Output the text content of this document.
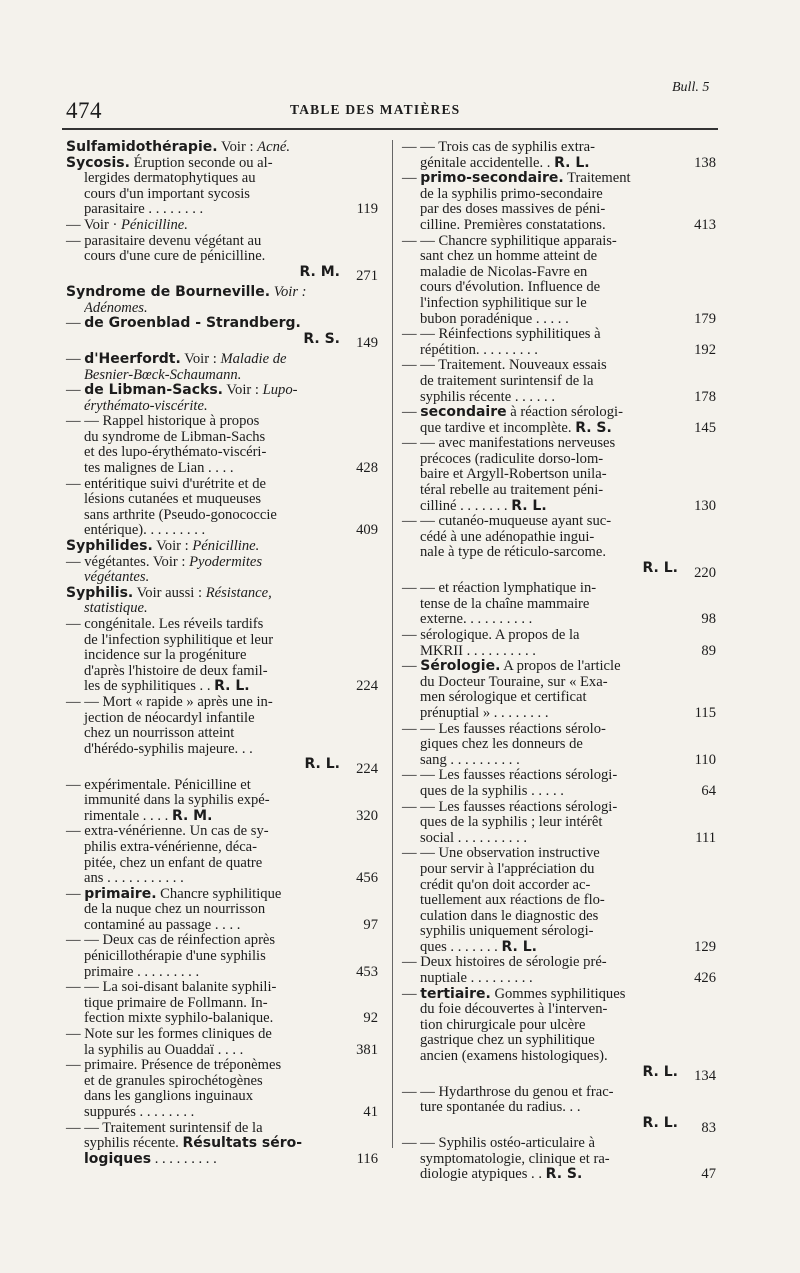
474	TABLE DES MATIÈRES
Bull. 5
Sulfamidothérapie. Voir : Acné.
Sycosis. Éruption seconde ou al-
lergides dermatophytiques au
cours d'un important sycosis
parasitaire . . . . . . . .	119
— Voir · Pénicilline.
— parasitaire devenu végétant au
cours d'une cure de pénicilline.
R. M.	271
Syndrome de Bourneville. Voir :
Adénomes.
— de Groenblad - Strandberg.
R. S.	149
— d'Heerfordt. Voir : Maladie de
Besnier-Bœck-Schaumann.
— de Libman-Sacks. Voir : Lupo-
érythémato-viscérite.
— — Rappel historique à propos
du syndrome de Libman-Sachs
et des lupo-érythémato-viscéri-
tes malignes de Lian . . . .	428
— entéritique suivi d'urétrite et de
lésions cutanées et muqueuses
sans arthrite (Pseudo-gonococcie
entérique). . . . . . . . .	409
Syphilides. Voir : Pénicilline.
— végétantes. Voir : Pyodermites
végétantes.
Syphilis. Voir aussi : Résistance,
statistique.
— congénitale. Les réveils tardifs
de l'infection syphilitique et leur
incidence sur la progéniture
d'après l'histoire de deux famil-
les de syphilitiques . . R. L.	224
— — Mort « rapide » après une in-
jection de néocardyl infantile
chez un nourrisson atteint
d'hérédo-syphilis majeure. . .
R. L.	224
— expérimentale. Pénicilline et
immunité dans la syphilis expé-
rimentale . . . . R. M.	320
— extra-vénérienne. Un cas de sy-
philis extra-vénérienne, déca-
pitée, chez un enfant de quatre
ans . . . . . . . . . . .	456
— primaire. Chancre syphilitique
de la nuque chez un nourrisson
contaminé au passage . . . .	97
— — Deux cas de réinfection après
pénicillothérapie d'une syphilis
primaire . . . . . . . . .	453
— — La soi-disant balanite syphili-
tique primaire de Follmann. In-
fection mixte syphilo-balanique.	92
— Note sur les formes cliniques de
la syphilis au Ouaddaï . . . .	381
— primaire. Présence de tréponèmes
et de granules spirochétogènes
dans les ganglions inguinaux
suppurés . . . . . . . .	41
— — Traitement surintensif de la
syphilis récente. Résultats séro-
logiques . . . . . . . . .	116
— — Trois cas de syphilis extra-
génitale accidentelle. . R. L.	138
— primo-secondaire. Traitement
de la syphilis primo-secondaire
par des doses massives de péni-
cilline. Premières constatations.	413
— — Chancre syphilitique apparais-
sant chez un homme atteint de
maladie de Nicolas-Favre en
cours d'évolution. Influence de
l'infection syphilitique sur le
bubon poradénique . . . . .	179
— — Réinfections syphilitiques à
répétition. . . . . . . . .	192
— — Traitement. Nouveaux essais
de traitement surintensif de la
syphilis récente . . . . . .	178
— secondaire à réaction sérologi-
que tardive et incomplète. R. S.	145
— — avec manifestations nerveuses
précoces (radiculite dorso-lom-
baire et Argyll-Robertson unila-
téral rebelle au traitement péni-
cilliné . . . . . . . R. L.	130
— — cutanéo-muqueuse ayant suc-
cédé à une adénopathie ingui-
nale à type de réticulo-sarcome.
R. L.	220
— — et réaction lymphatique in-
tense de la chaîne mammaire
externe. . . . . . . . . .	98
— sérologique. A propos de la
MKRII . . . . . . . . . .	89
— Sérologie. A propos de l'article
du Docteur Touraine, sur « Exa-
men sérologique et certificat
prénuptial » . . . . . . . .	115
— — Les fausses réactions sérolo-
giques chez les donneurs de
sang . . . . . . . . . .	110
— — Les fausses réactions sérologi-
ques de la syphilis . . . . .	64
— — Les fausses réactions sérologi-
ques de la syphilis ; leur intérêt
social . . . . . . . . . .	111
— — Une observation instructive
pour servir à l'appréciation du
crédit qu'on doit accorder ac-
tuellement aux réactions de flo-
culation dans le diagnostic des
syphilis uniquement sérologi-
ques . . . . . . . R. L.	129
— Deux histoires de sérologie pré-
nuptiale . . . . . . . . .	426
— tertiaire. Gommes syphilitiques
du foie découvertes à l'interven-
tion chirurgicale pour ulcère
gastrique chez un syphilitique
ancien (examens histologiques).
R. L.	134
— — Hydarthrose du genou et frac-
ture spontanée du radius. . .
R. L.	83
— — Syphilis ostéo-articulaire à
symptomatologie, clinique et ra-
diologie atypiques . . R. S.	47
